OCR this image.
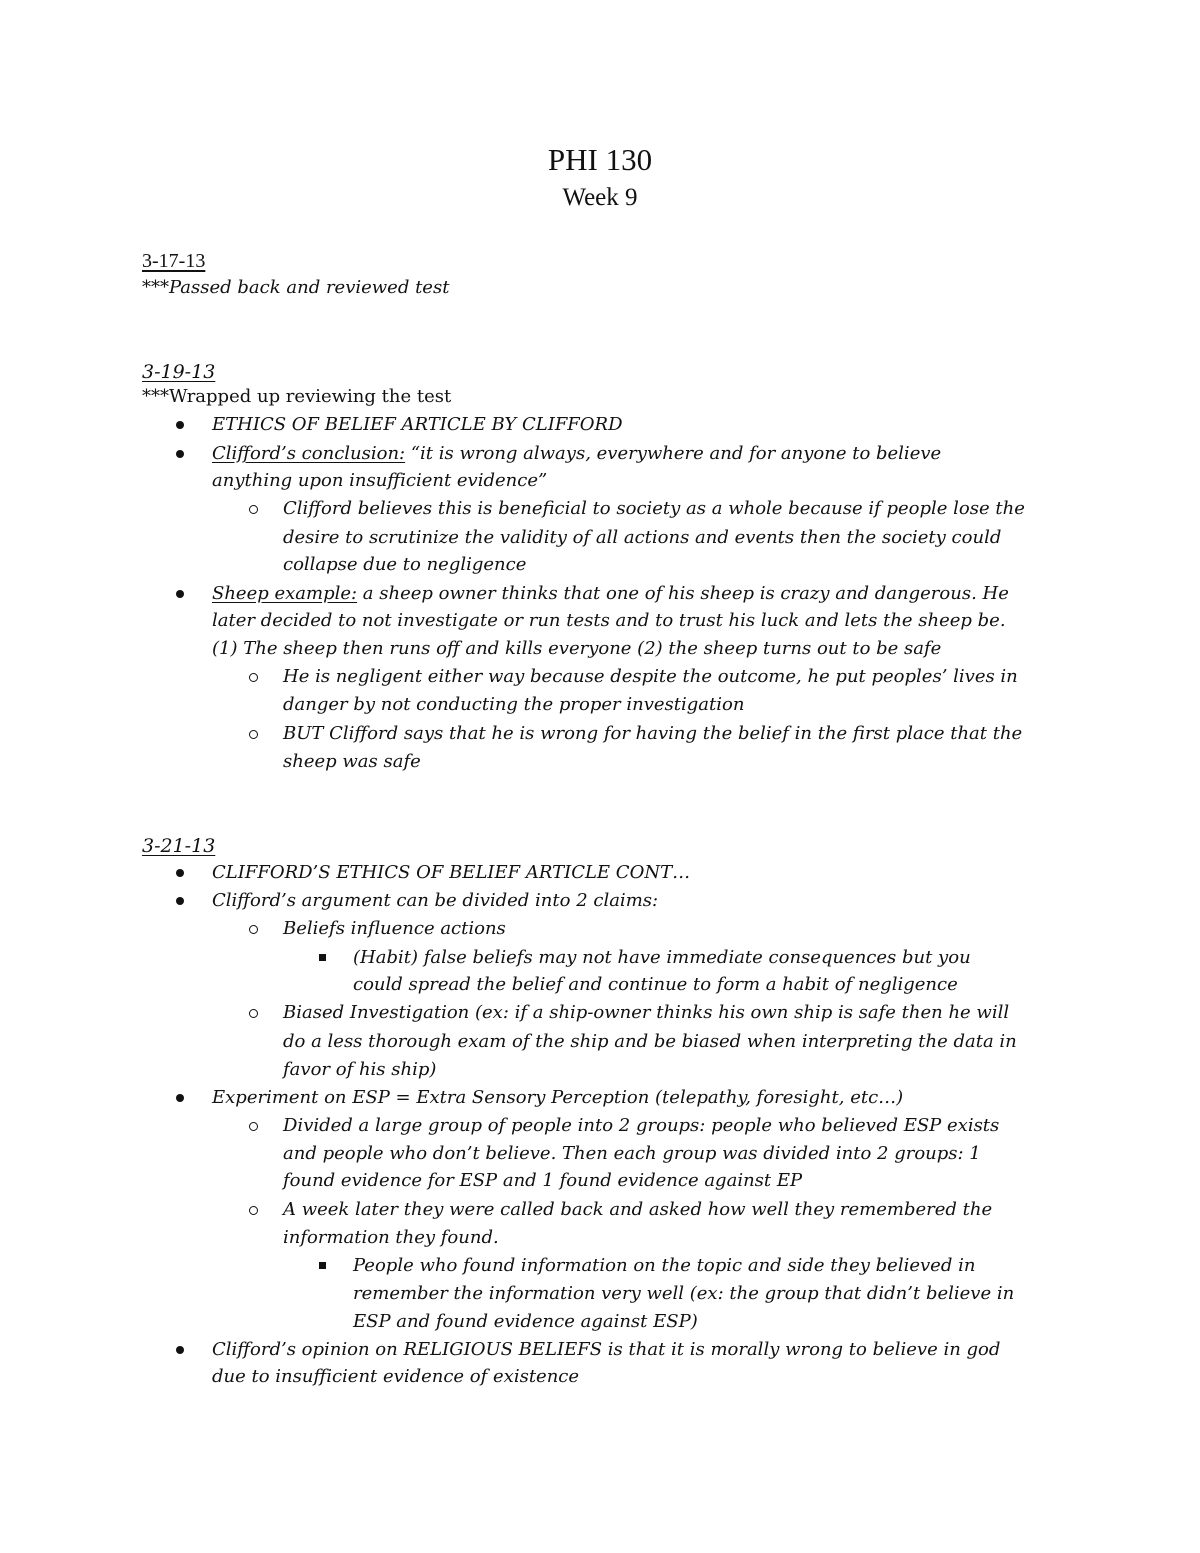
PHI 130
Week 9
3-17-13
***Passed back and reviewed test
3-19-13
***Wrapped up reviewing the test
ETHICS OF BELIEF ARTICLE BY CLIFFORD
Clifford’s conclusion: “it is wrong always, everywhere and for anyone to believe
anything upon insufficient evidence”
Clifford believes this is beneficial to society as a whole because if people lose the
desire to scrutinize the validity of all actions and events then the society could
collapse due to negligence
Sheep example: a sheep owner thinks that one of his sheep is crazy and dangerous. He
later decided to not investigate or run tests and to trust his luck and lets the sheep be.
(1) The sheep then runs off and kills everyone (2) the sheep turns out to be safe
He is negligent either way because despite the outcome, he put peoples’ lives in
danger by not conducting the proper investigation
BUT Clifford says that he is wrong for having the belief in the first place that the
sheep was safe
3-21-13
CLIFFORD’S ETHICS OF BELIEF ARTICLE CONT…
Clifford’s argument can be divided into 2 claims:
Beliefs influence actions
(Habit) false beliefs may not have immediate consequences but you
could spread the belief and continue to form a habit of negligence
Biased Investigation (ex: if a ship-owner thinks his own ship is safe then he will
do a less thorough exam of the ship and be biased when interpreting the data in
favor of his ship)
Experiment on ESP = Extra Sensory Perception (telepathy, foresight, etc…)
Divided a large group of people into 2 groups: people who believed ESP exists
and people who don’t believe. Then each group was divided into 2 groups: 1
found evidence for ESP and 1 found evidence against EP
A week later they were called back and asked how well they remembered the
information they found.
People who found information on the topic and side they believed in
remember the information very well (ex: the group that didn’t believe in
ESP and found evidence against ESP)
Clifford’s opinion on RELIGIOUS BELIEFS is that it is morally wrong to believe in god
due to insufficient evidence of existence
